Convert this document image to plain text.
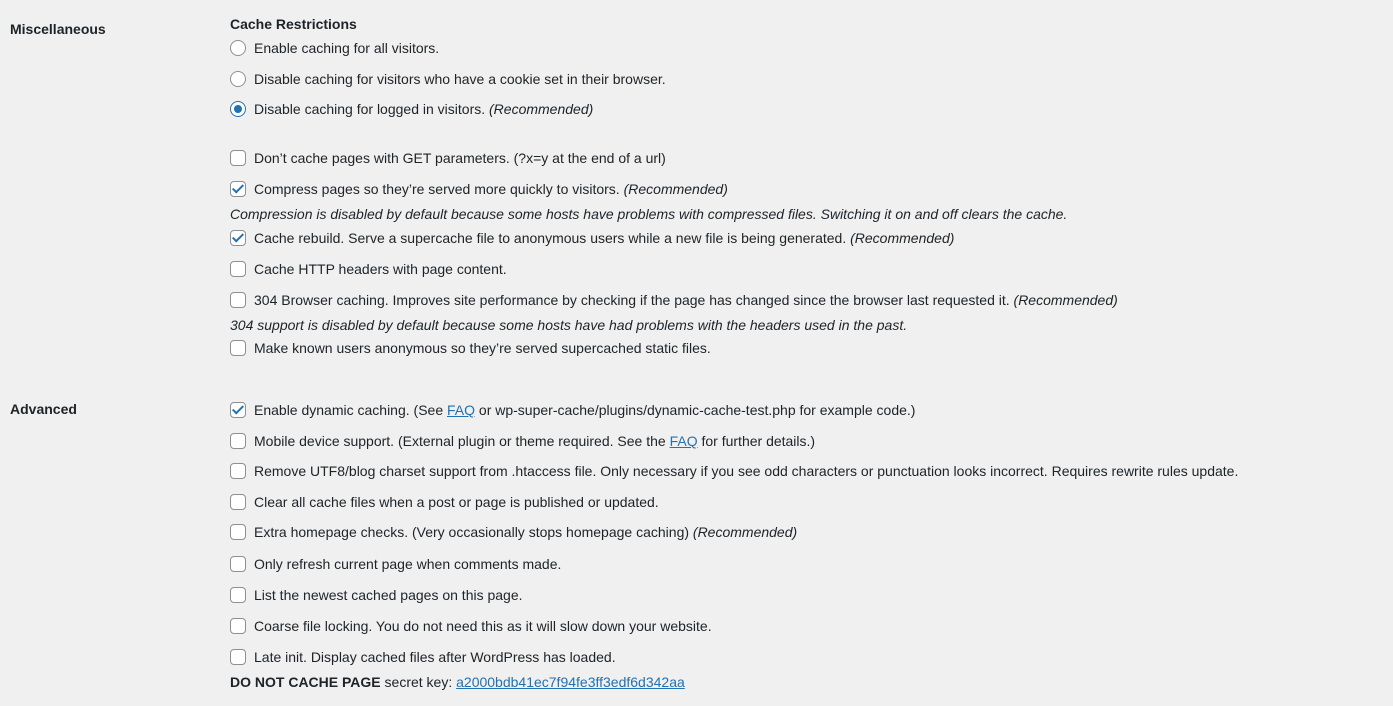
Miscellaneous	Cache Restrictions
Enable caching for all visitors.
Disable caching for visitors who have a cookie set in their browser.
Disable caching for logged in visitors.
(Recommended)
Don’t cache pages with GET parameters. (?x=y at the end of a url)
Compress pages so they’re served more quickly to visitors.
(Recommended)
Compression is disabled by default because some hosts have problems with compressed files. Switching it on and off clears the cache.
Cache rebuild. Serve a supercache file to anonymous users while a new file is being generated.
(Recommended)
Cache HTTP headers with page content.
304 Browser caching. Improves site performance by checking if the page has changed since the browser last requested it.
(Recommended)
304 support is disabled by default because some hosts have had problems with the headers used in the past.
Make known users anonymous so they’re served supercached static files.
Advanced	Enable dynamic caching. (See FAQ or wp-super-cache/plugins/dynamic-cache-test.php for example code.)
Mobile device support. (External plugin or theme required. See the FAQ for further details.)
Remove UTF8/blog charset support from .htaccess file. Only necessary if you see odd characters or punctuation looks incorrect. Requires rewrite rules update.
Clear all cache files when a post or page is published or updated.
Extra homepage checks. (Very occasionally stops homepage caching)
(Recommended)
Only refresh current page when comments made.
List the newest cached pages on this page.
Coarse file locking. You do not need this as it will slow down your website.
Late init. Display cached files after WordPress has loaded.
DO NOT CACHE PAGE
secret key:
a2000bdb41ec7f94fe3ff3edf6d342aa
